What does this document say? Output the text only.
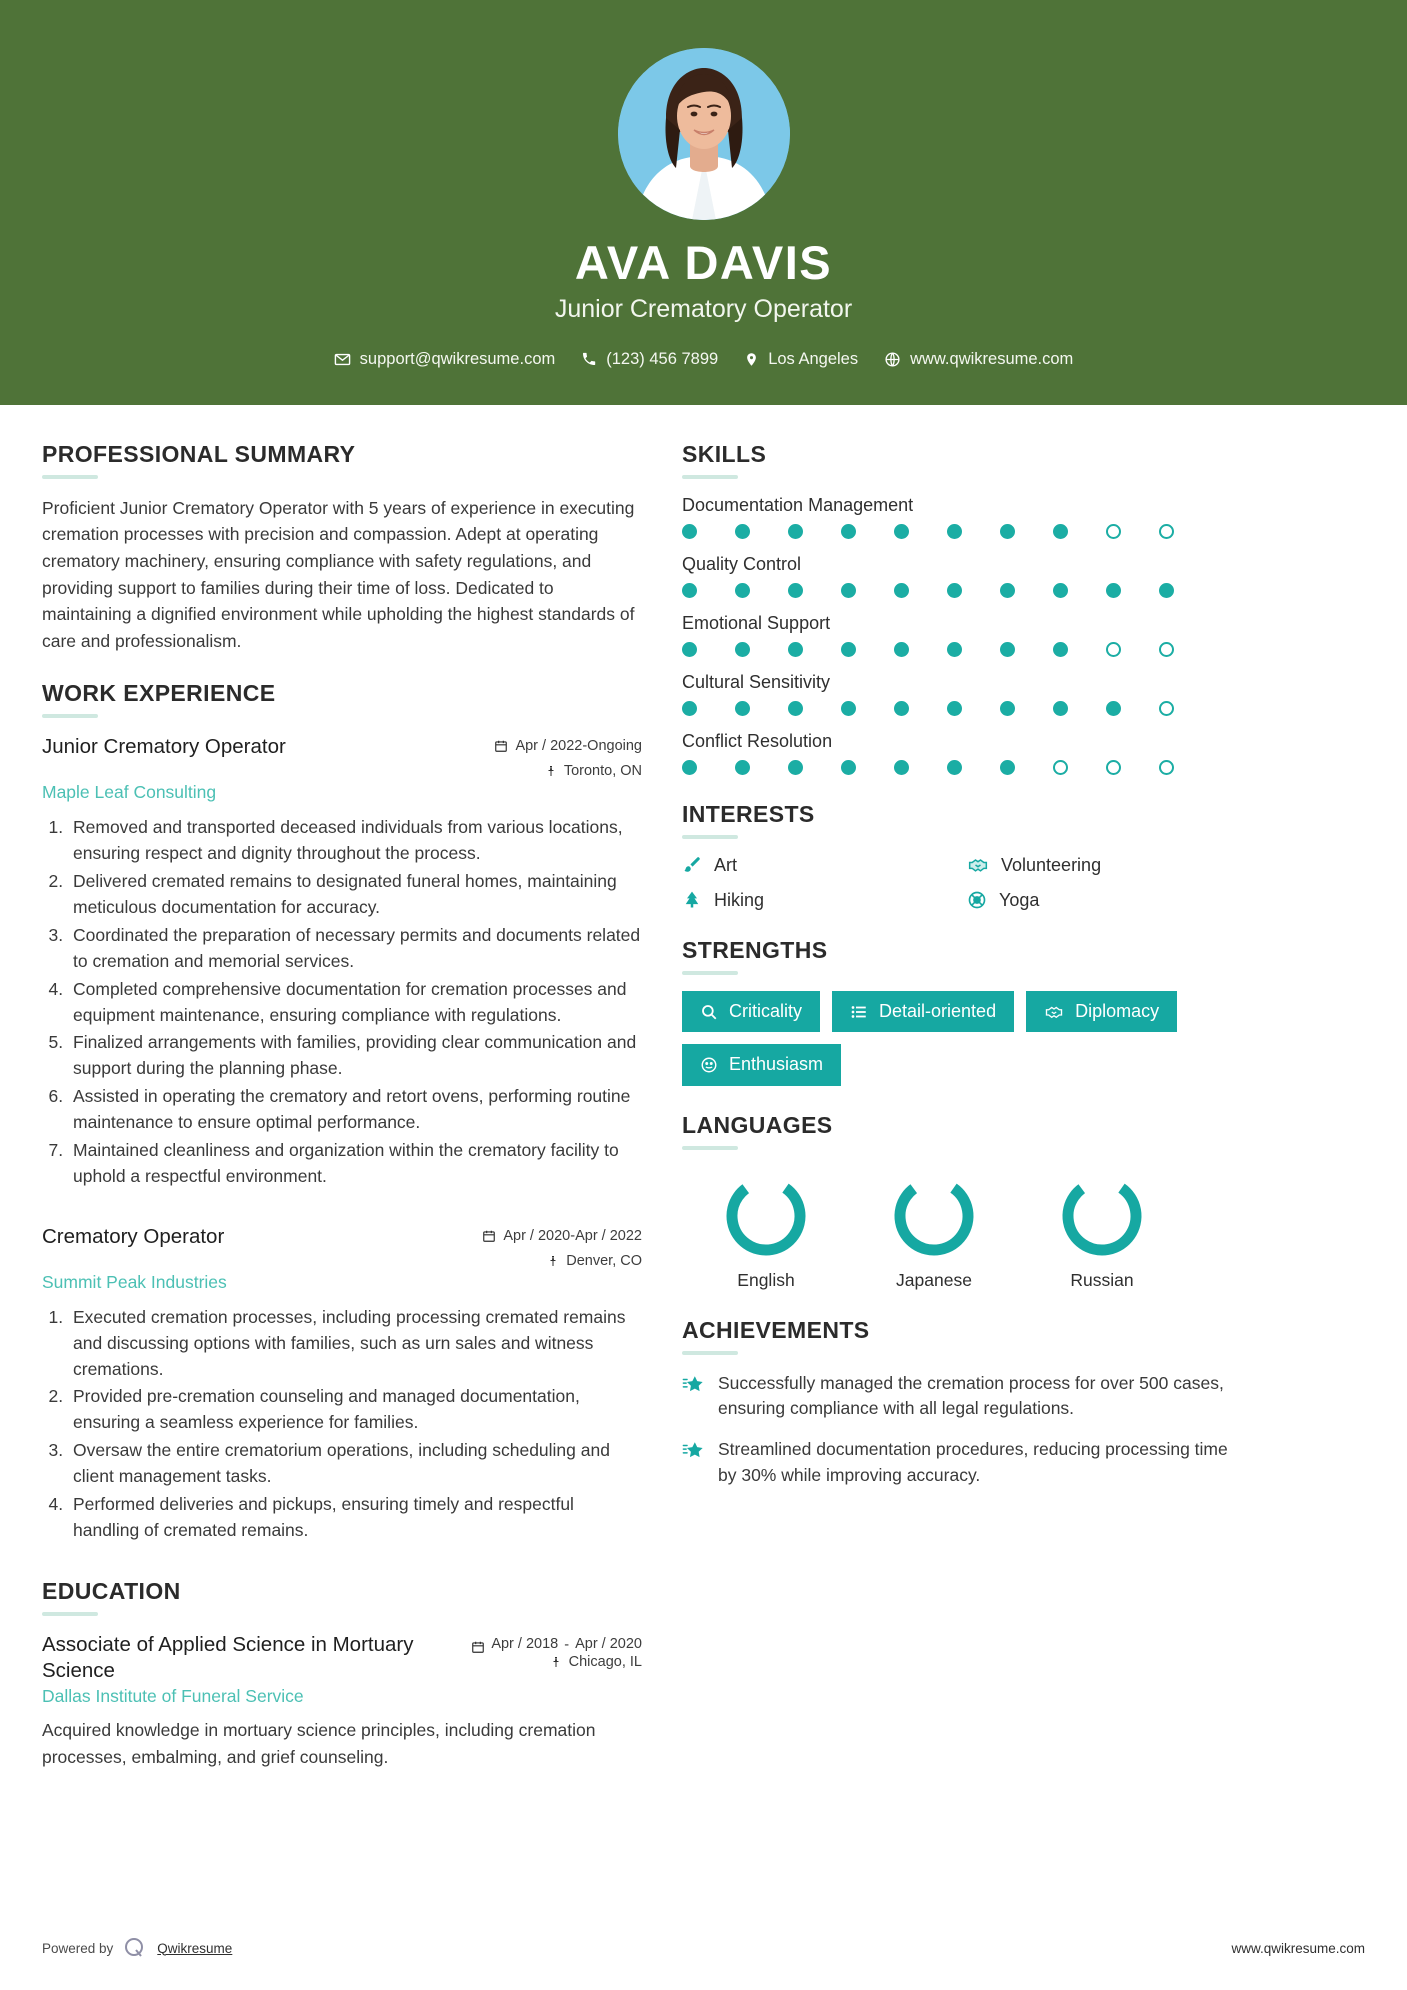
AVA DAVIS
Junior Crematory Operator
support@qwikresume.com	(123) 456 7899	Los Angeles	www.qwikresume.com
PROFESSIONAL SUMMARY
Proficient Junior Crematory Operator with 5 years of experience in executing cremation processes with precision and compassion. Adept at operating crematory machinery, ensuring compliance with safety regulations, and providing support to families during their time of loss. Dedicated to maintaining a dignified environment while upholding the highest standards of care and professionalism.
WORK EXPERIENCE
Junior Crematory Operator	Apr / 2022-Ongoing
Toronto, ON
Maple Leaf Consulting
1. Removed and transported deceased individuals from various locations, ensuring respect and dignity throughout the process.
2. Delivered cremated remains to designated funeral homes, maintaining meticulous documentation for accuracy.
3. Coordinated the preparation of necessary permits and documents related to cremation and memorial services.
4. Completed comprehensive documentation for cremation processes and equipment maintenance, ensuring compliance with regulations.
5. Finalized arrangements with families, providing clear communication and support during the planning phase.
6. Assisted in operating the crematory and retort ovens, performing routine maintenance to ensure optimal performance.
7. Maintained cleanliness and organization within the crematory facility to uphold a respectful environment.
Crematory Operator	Apr / 2020-Apr / 2022
Denver, CO
Summit Peak Industries
1. Executed cremation processes, including processing cremated remains and discussing options with families, such as urn sales and witness cremations.
2. Provided pre-cremation counseling and managed documentation, ensuring a seamless experience for families.
3. Oversaw the entire crematorium operations, including scheduling and client management tasks.
4. Performed deliveries and pickups, ensuring timely and respectful handling of cremated remains.
EDUCATION
Associate of Applied Science in Mortuary Science
Apr / 2018 - Apr / 2020
Chicago, IL
Dallas Institute of Funeral Service
Acquired knowledge in mortuary science principles, including cremation processes, embalming, and grief counseling.
SKILLS
Documentation Management
Quality Control
Emotional Support
Cultural Sensitivity
Conflict Resolution
INTERESTS
Art	Volunteering
Hiking	Yoga
STRENGTHS
Criticality	Detail-oriented	Diplomacy
Enthusiasm
LANGUAGES
English	Japanese	Russian
ACHIEVEMENTS
Successfully managed the cremation process for over 500 cases, ensuring compliance with all legal regulations.
Streamlined documentation procedures, reducing processing time by 30% while improving accuracy.
Powered by	Qwikresume	www.qwikresume.com
